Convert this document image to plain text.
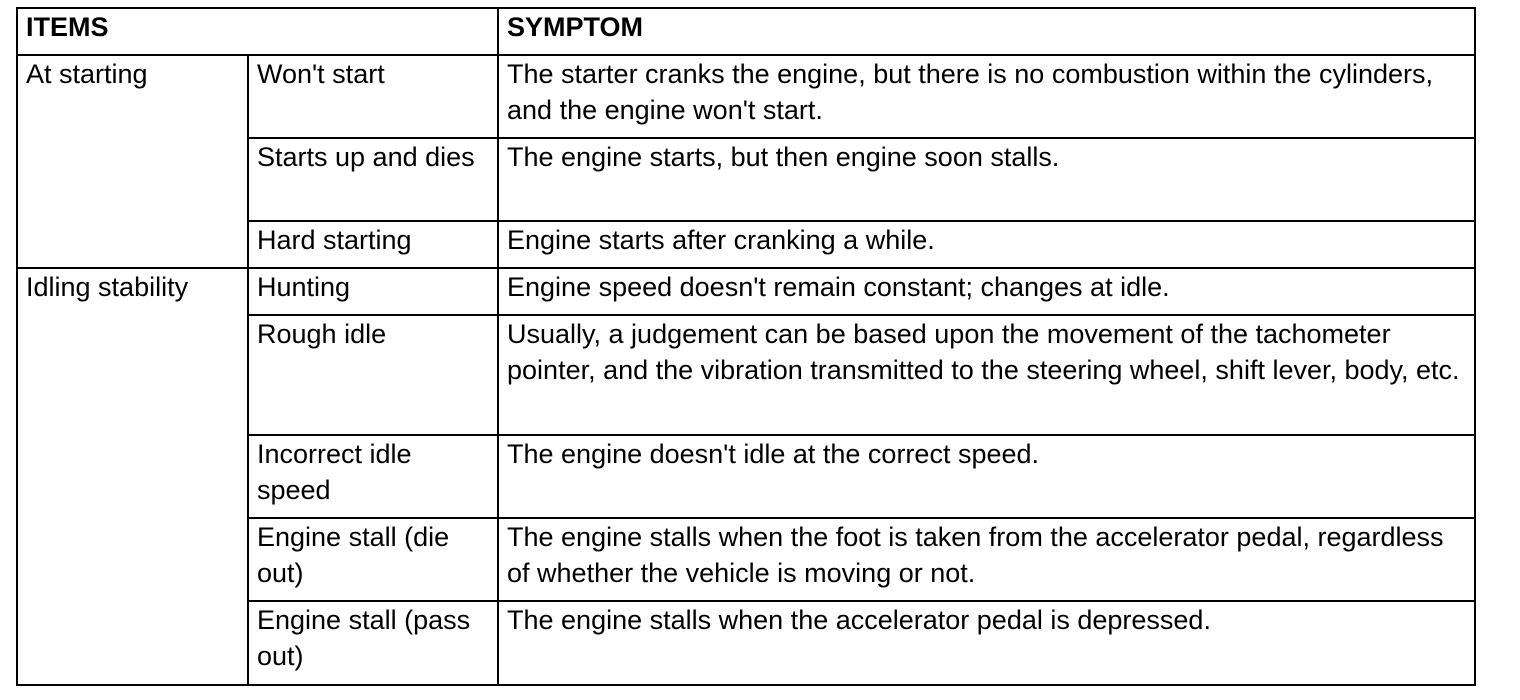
ITEMS		SYMPTOM
At starting	Won't start	The starter cranks the engine, but there is no combustion within the cylinders, and the engine won't start.
	Starts up and dies	The engine starts, but then engine soon stalls.
	Hard starting	Engine starts after cranking a while.
Idling stability	Hunting	Engine speed doesn't remain constant; changes at idle.
	Rough idle	Usually, a judgement can be based upon the movement of the tachometer pointer, and the vibration transmitted to the steering wheel, shift lever, body, etc.
	Incorrect idle speed	The engine doesn't idle at the correct speed.
	Engine stall (die out)	The engine stalls when the foot is taken from the accelerator pedal, regardless of whether the vehicle is moving or not.
	Engine stall (pass out)	The engine stalls when the accelerator pedal is depressed.
